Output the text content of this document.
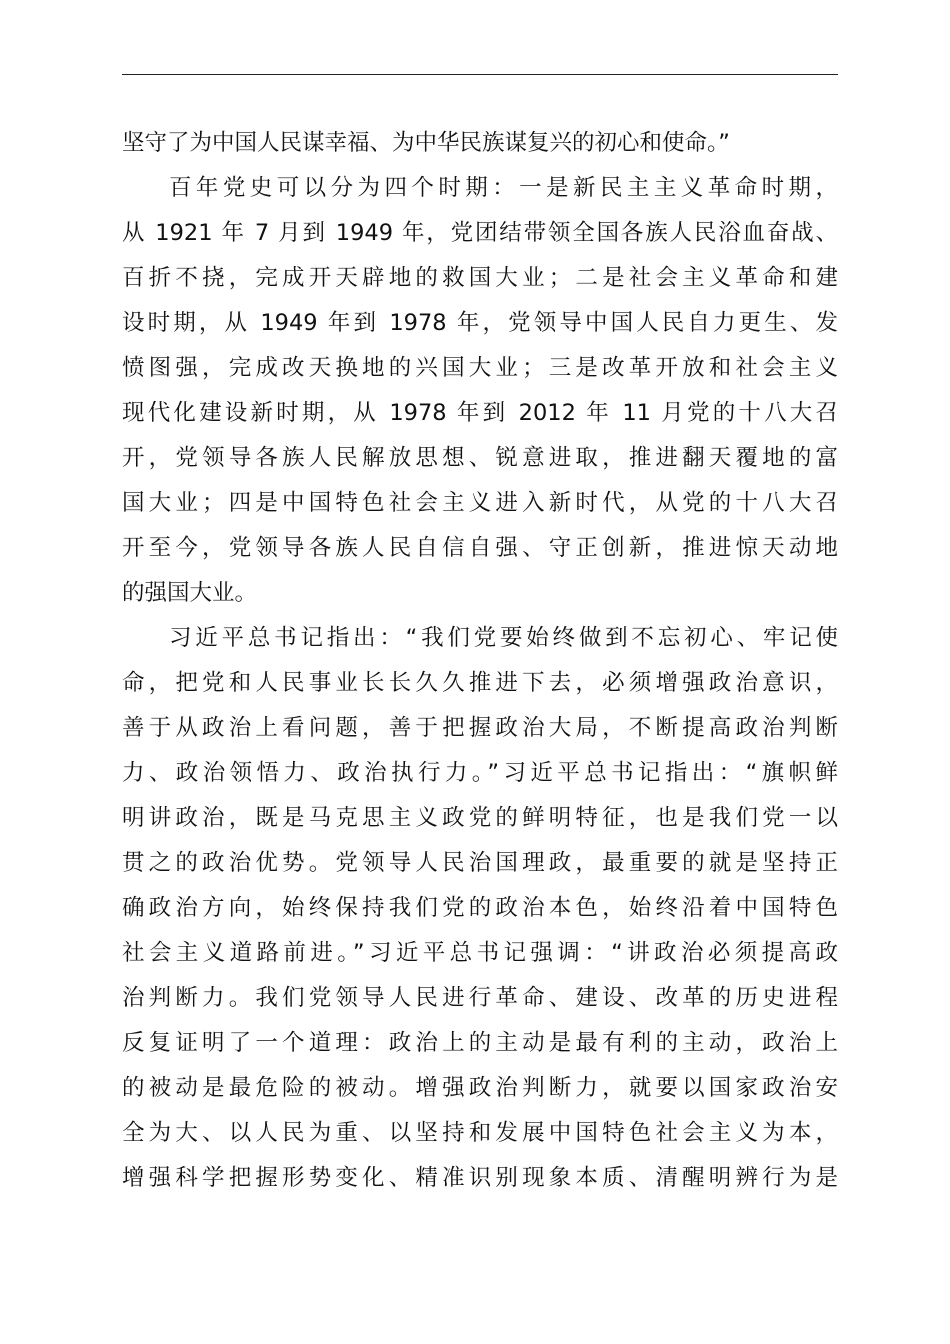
坚守了为中国人民谋幸福、为中华民族谋复兴的初心和使命。”
百年党史可以分为四个时期：一是新民主主义革命时期，
从 1921 年 7 月到 1949 年，党团结带领全国各族人民浴血奋战、
百折不挠，完成开天辟地的救国大业；二是社会主义革命和建
设时期，从 1949 年到 1978 年，党领导中国人民自力更生、发
愤图强，完成改天换地的兴国大业；三是改革开放和社会主义
现代化建设新时期，从 1978 年到 2012 年 11 月党的十八大召
开，党领导各族人民解放思想、锐意进取，推进翻天覆地的富
国大业；四是中国特色社会主义进入新时代，从党的十八大召
开至今，党领导各族人民自信自强、守正创新，推进惊天动地
的强国大业。
习近平总书记指出：“我们党要始终做到不忘初心、牢记使
命，把党和人民事业长长久久推进下去，必须增强政治意识，
善于从政治上看问题，善于把握政治大局，不断提高政治判断
力、政治领悟力、政治执行力。”习近平总书记指出：“旗帜鲜
明讲政治，既是马克思主义政党的鲜明特征，也是我们党一以
贯之的政治优势。党领导人民治国理政，最重要的就是坚持正
确政治方向，始终保持我们党的政治本色，始终沿着中国特色
社会主义道路前进。”习近平总书记强调：“讲政治必须提高政
治判断力。我们党领导人民进行革命、建设、改革的历史进程
反复证明了一个道理：政治上的主动是最有利的主动，政治上
的被动是最危险的被动。增强政治判断力，就要以国家政治安
全为大、以人民为重、以坚持和发展中国特色社会主义为本，
增强科学把握形势变化、精准识别现象本质、清醒明辨行为是
